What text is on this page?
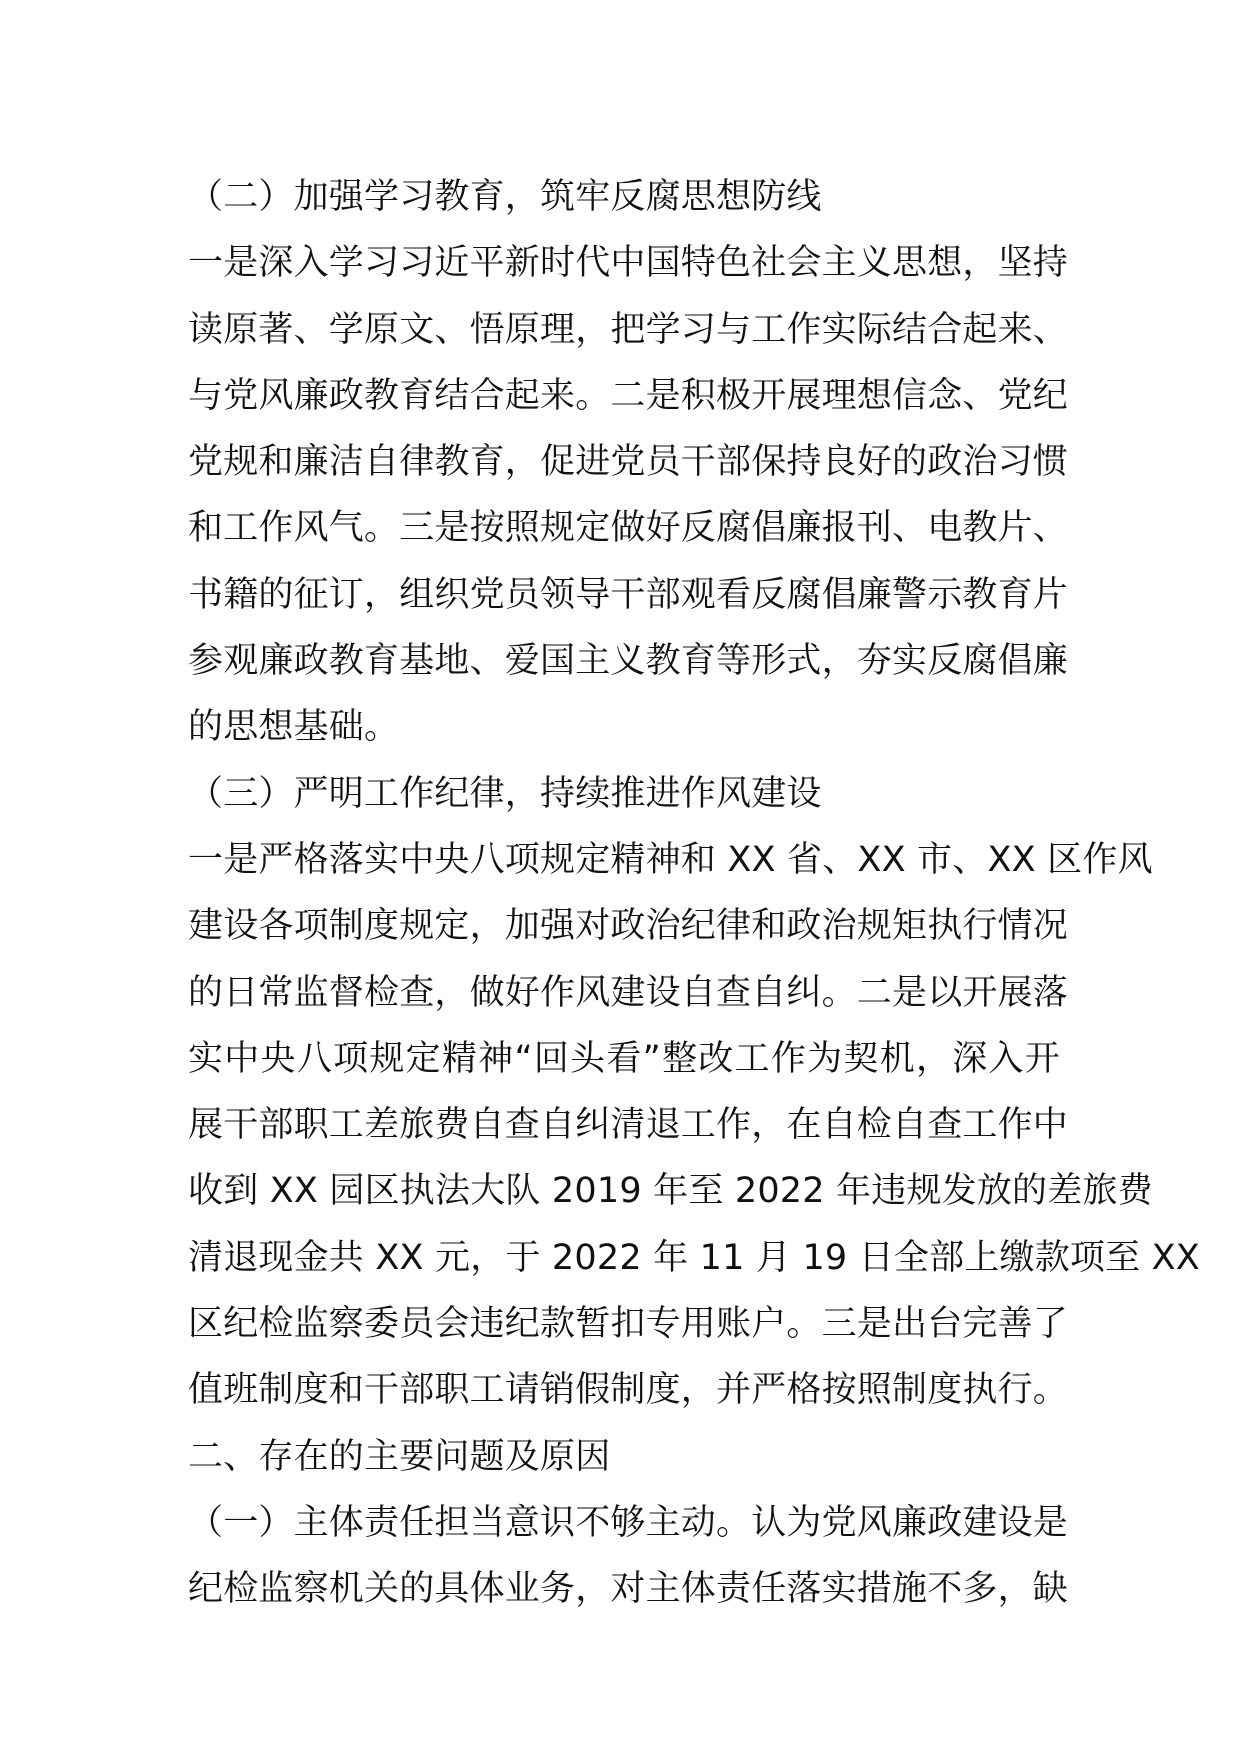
（二）加强学习教育，筑牢反腐思想防线
一是深入学习习近平新时代中国特色社会主义思想，坚持
读原著、学原文、悟原理，把学习与工作实际结合起来、
与党风廉政教育结合起来。二是积极开展理想信念、党纪
党规和廉洁自律教育，促进党员干部保持良好的政治习惯
和工作风气。三是按照规定做好反腐倡廉报刊、电教片、
书籍的征订，组织党员领导干部观看反腐倡廉警示教育片
参观廉政教育基地、爱国主义教育等形式，夯实反腐倡廉
的思想基础。
（三）严明工作纪律，持续推进作风建设
一是严格落实中央八项规定精神和 XX 省、XX 市、XX 区作风
建设各项制度规定，加强对政治纪律和政治规矩执行情况
的日常监督检查，做好作风建设自查自纠。二是以开展落
实中央八项规定精神“回头看”整改工作为契机，深入开
展干部职工差旅费自查自纠清退工作，在自检自查工作中
收到 XX 园区执法大队 2019 年至 2022 年违规发放的差旅费
清退现金共 XX 元，于 2022 年 11 月 19 日全部上缴款项至 XX
区纪检监察委员会违纪款暂扣专用账户。三是出台完善了
值班制度和干部职工请销假制度，并严格按照制度执行。
二、存在的主要问题及原因
（一）主体责任担当意识不够主动。认为党风廉政建设是
纪检监察机关的具体业务，对主体责任落实措施不多，缺
